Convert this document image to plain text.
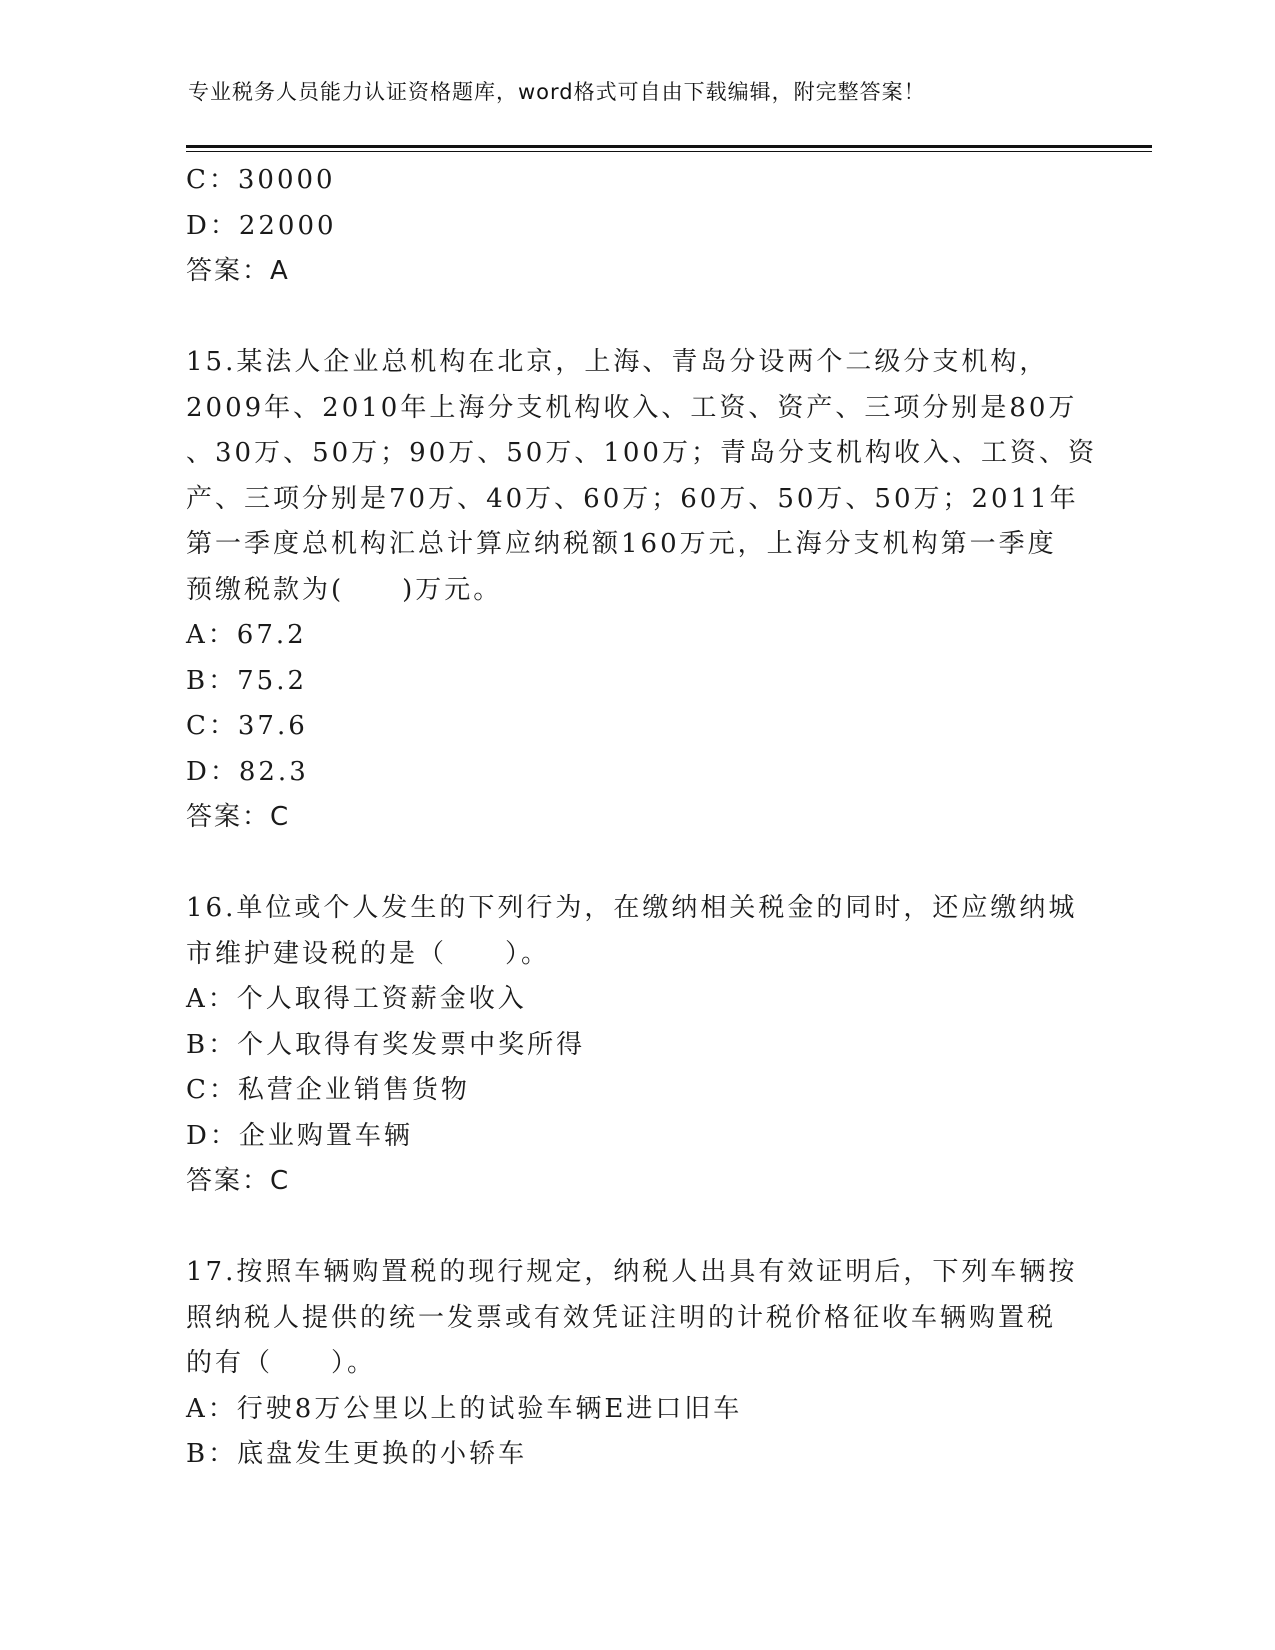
专业税务人员能力认证资格题库，word格式可自由下载编辑，附完整答案！
C：30000
D：22000
答案：A
15.某法人企业总机构在北京，上海、青岛分设两个二级分支机构，
2009年、2010年上海分支机构收入、工资、资产、三项分别是80万
、30万、50万；90万、50万、100万；青岛分支机构收入、工资、资
产、三项分别是70万、40万、60万；60万、50万、50万；2011年
第一季度总机构汇总计算应纳税额160万元，上海分支机构第一季度
预缴税款为(　　)万元。
A：67.2
B：75.2
C：37.6
D：82.3
答案：C
16.单位或个人发生的下列行为，在缴纳相关税金的同时，还应缴纳城
市维护建设税的是（　　）。
A：个人取得工资薪金收入
B：个人取得有奖发票中奖所得
C：私营企业销售货物
D：企业购置车辆
答案：C
17.按照车辆购置税的现行规定，纳税人出具有效证明后，下列车辆按
照纳税人提供的统一发票或有效凭证注明的计税价格征收车辆购置税
的有（　　）。
A：行驶8万公里以上的试验车辆E进口旧车
B：底盘发生更换的小轿车
